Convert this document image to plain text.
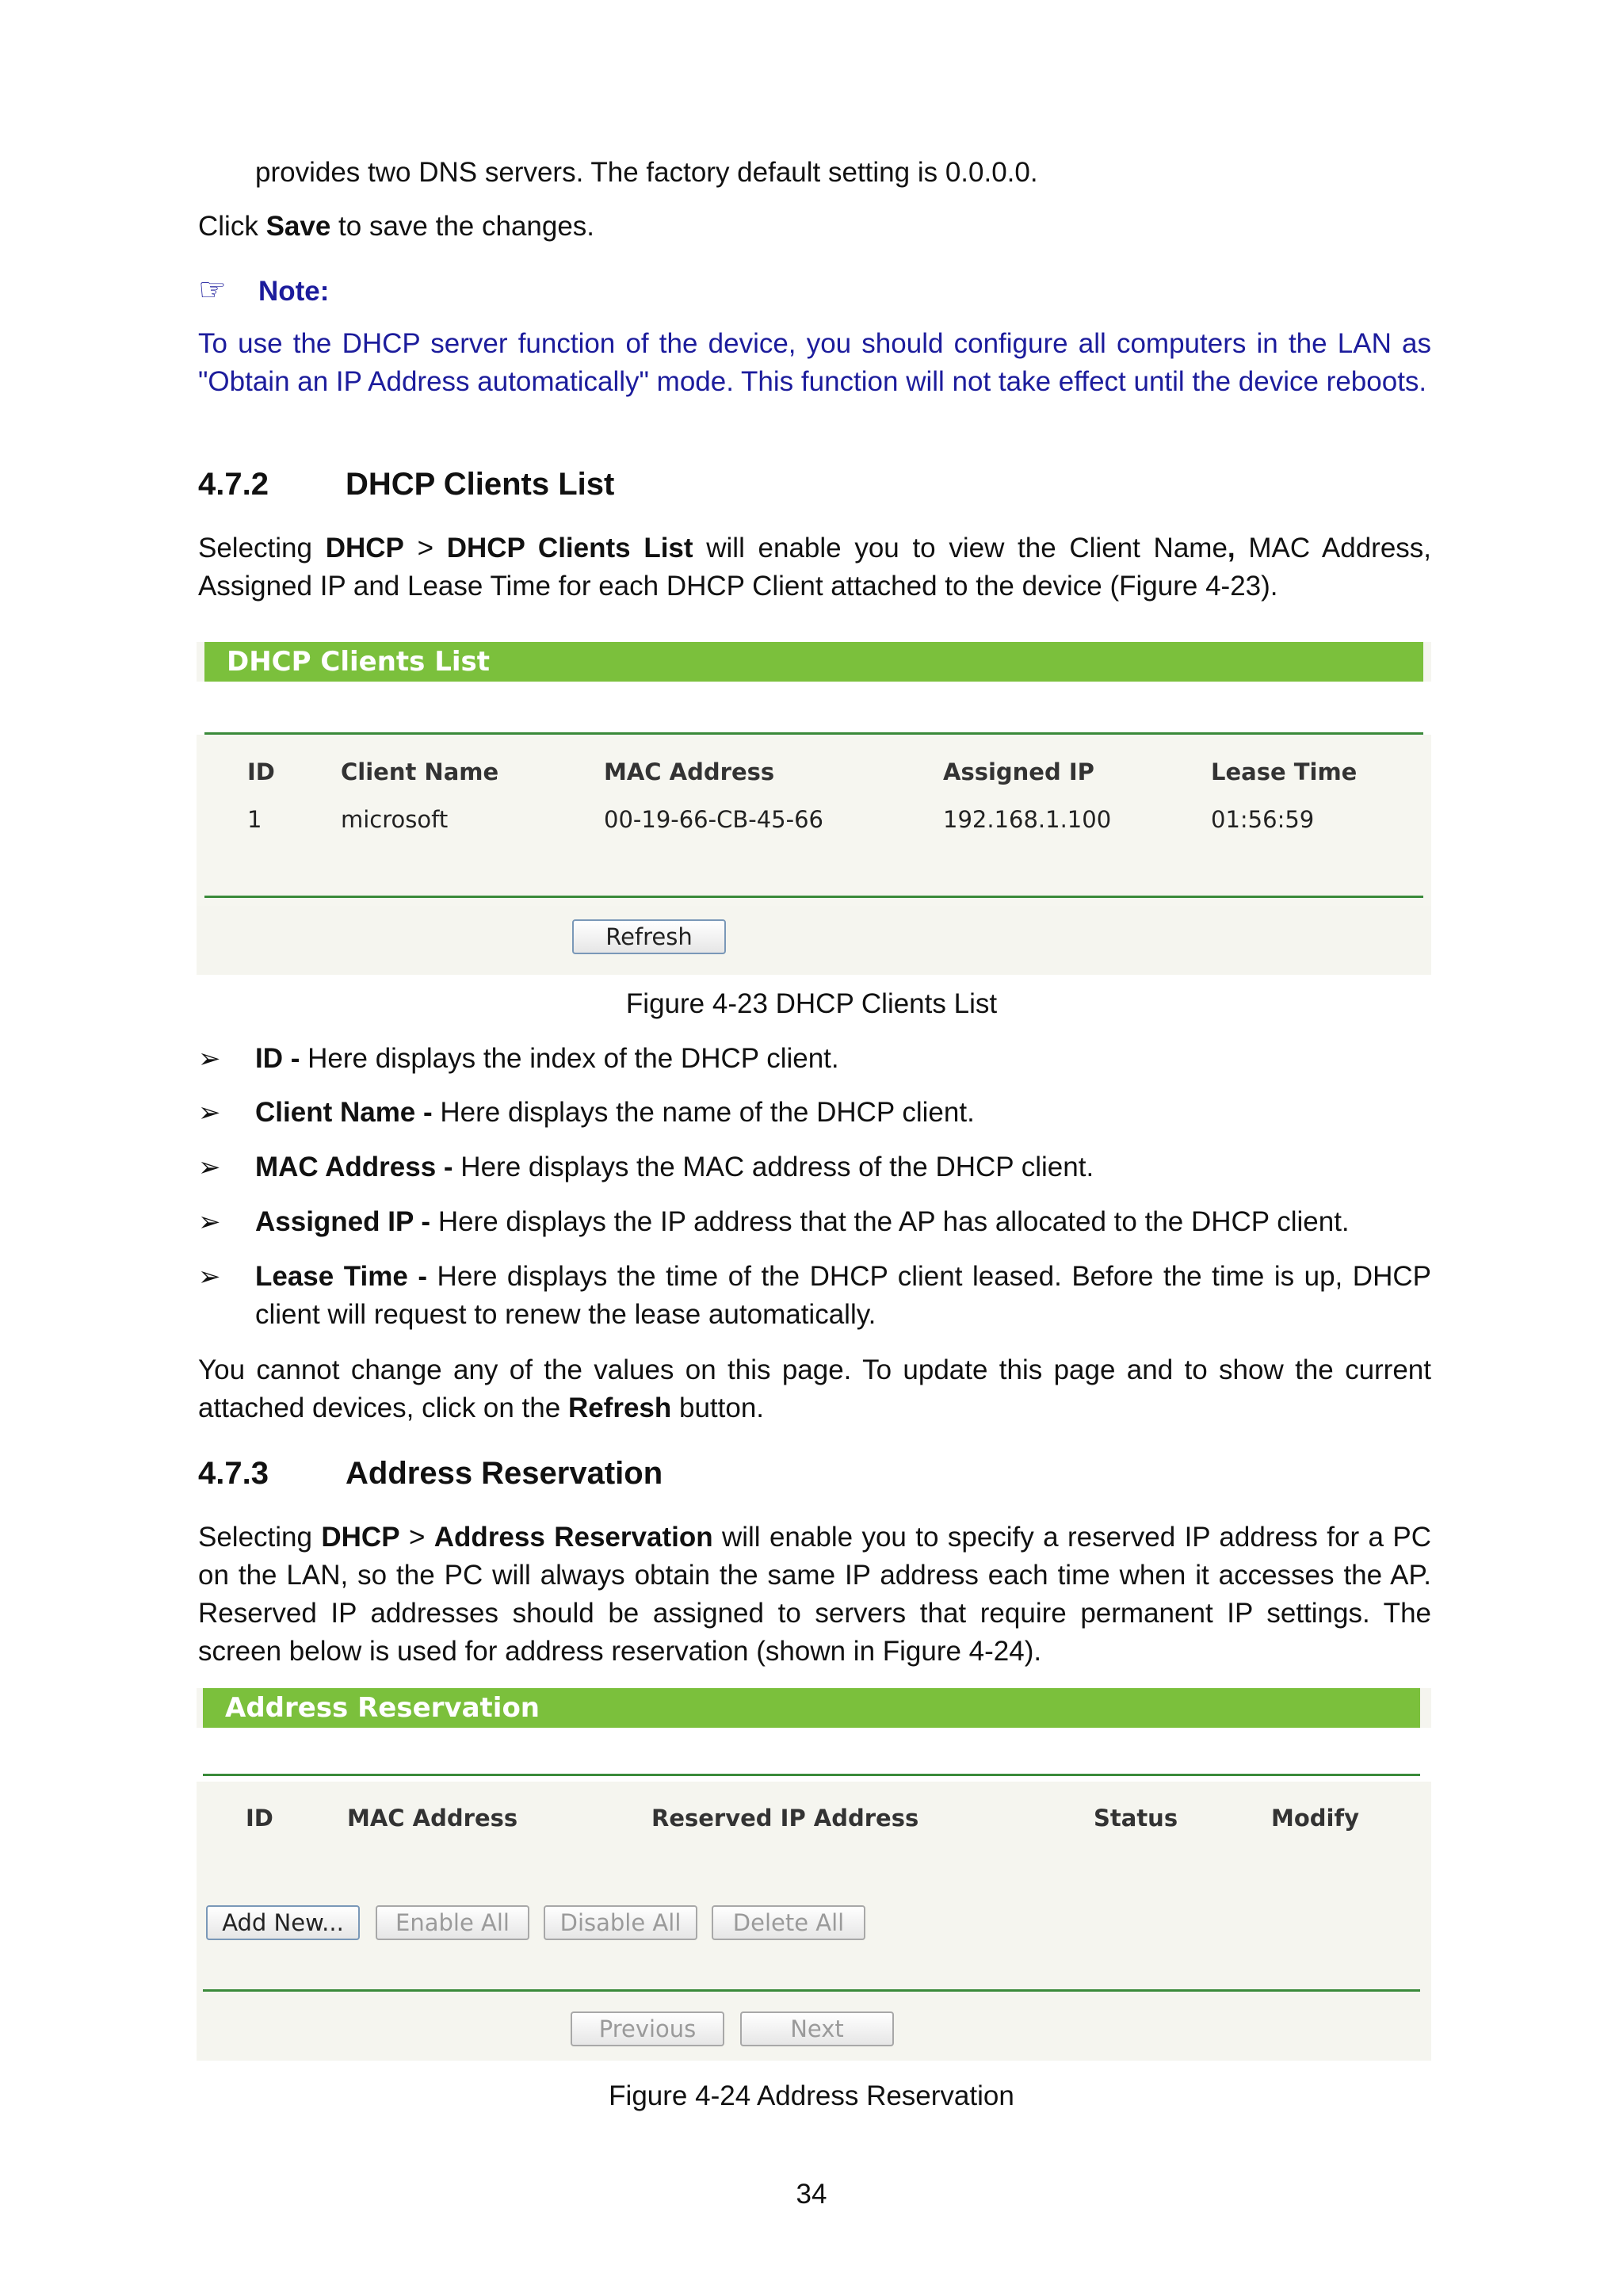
provides two DNS servers. The factory default setting is 0.0.0.0.

Click Save to save the changes.

☞ Note:

To use the DHCP server function of the device, you should configure all computers in the LAN as "Obtain an IP Address automatically" mode. This function will not take effect until the device reboots.

4.7.2 DHCP Clients List

Selecting DHCP > DHCP Clients List will enable you to view the Client Name, MAC Address, Assigned IP and Lease Time for each DHCP Client attached to the device (Figure 4-23).

DHCP Clients List
ID	Client Name	MAC Address	Assigned IP	Lease Time
1	microsoft	00-19-66-CB-45-66	192.168.1.100	01:56:59
Refresh
Figure 4-23 DHCP Clients List
➢ ID - Here displays the index of the DHCP client.

➢ Client Name - Here displays the name of the DHCP client.

➢ MAC Address - Here displays the MAC address of the DHCP client.

➢ Assigned IP - Here displays the IP address that the AP has allocated to the DHCP client.

➢ Lease Time - Here displays the time of the DHCP client leased. Before the time is up, DHCP client will request to renew the lease automatically.

You cannot change any of the values on this page. To update this page and to show the current attached devices, click on the Refresh button.

4.7.3 Address Reservation

Selecting DHCP > Address Reservation will enable you to specify a reserved IP address for a PC on the LAN, so the PC will always obtain the same IP address each time when it accesses the AP. Reserved IP addresses should be assigned to servers that require permanent IP settings. The screen below is used for address reservation (shown in Figure 4-24).

Address Reservation
ID	MAC Address	Reserved IP Address	Status	Modify
Add New...	Enable All	Disable All	Delete All
Previous	Next
Figure 4-24 Address Reservation
34
